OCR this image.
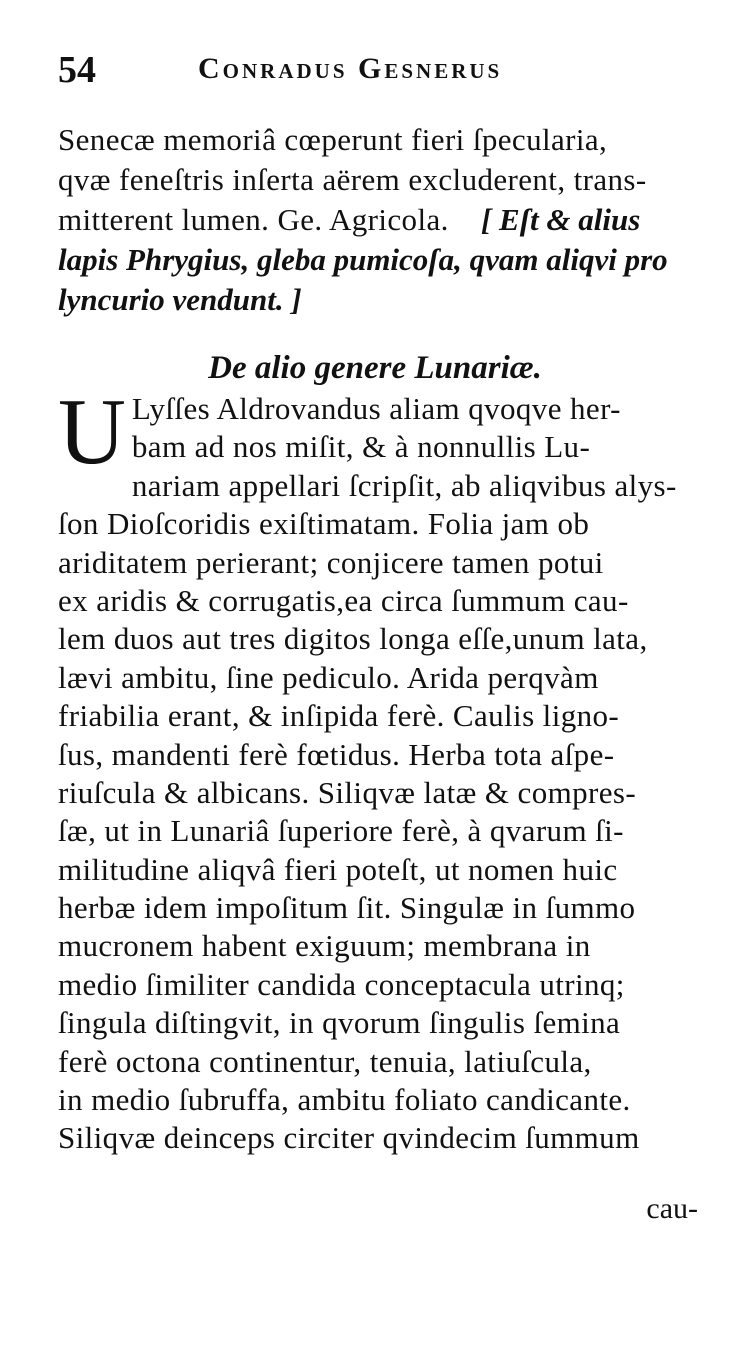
54	Conradus Gesnerus
Senecæ memoriâ cœperunt fieri ſpecularia,
qvæ feneſtris inſerta aërem excluderent, trans-
mitterent lumen. Ge. Agricola. [ Eſt & alius
lapis Phrygius, gleba pumicoſa, qvam aliqvi pro
lyncurio vendunt. ]
De alio genere Lunariæ.
U Lyſſes Aldrovandus aliam qvoqve her-
bam ad nos miſit, & à nonnullis Lu-
nariam appellari ſcripſit, ab aliqvibus alys-
ſon Dioſcoridis exiſtimatam. Folia jam ob
ariditatem perierant; conjicere tamen potui
ex aridis & corrugatis,ea circa ſummum cau-
lem duos aut tres digitos longa eſſe,unum lata,
lævi ambitu, ſine pediculo. Arida perqvàm
friabilia erant, & inſipida ferè. Caulis ligno-
ſus, mandenti ferè fœtidus. Herba tota aſpe-
riuſcula & albicans. Siliqvæ latæ & compres-
ſæ, ut in Lunariâ ſuperiore ferè, à qvarum ſi-
militudine aliqvâ fieri poteſt, ut nomen huic
herbæ idem impoſitum ſit. Singulæ in ſummo
mucronem habent exiguum; membrana in
medio ſimiliter candida conceptacula utrinq;
ſingula diſtingvit, in qvorum ſingulis ſemina
ferè octona continentur, tenuia, latiuſcula,
in medio ſubruffa, ambitu foliato candicante.
Siliqvæ deinceps circiter qvindecim ſummum
cau-
